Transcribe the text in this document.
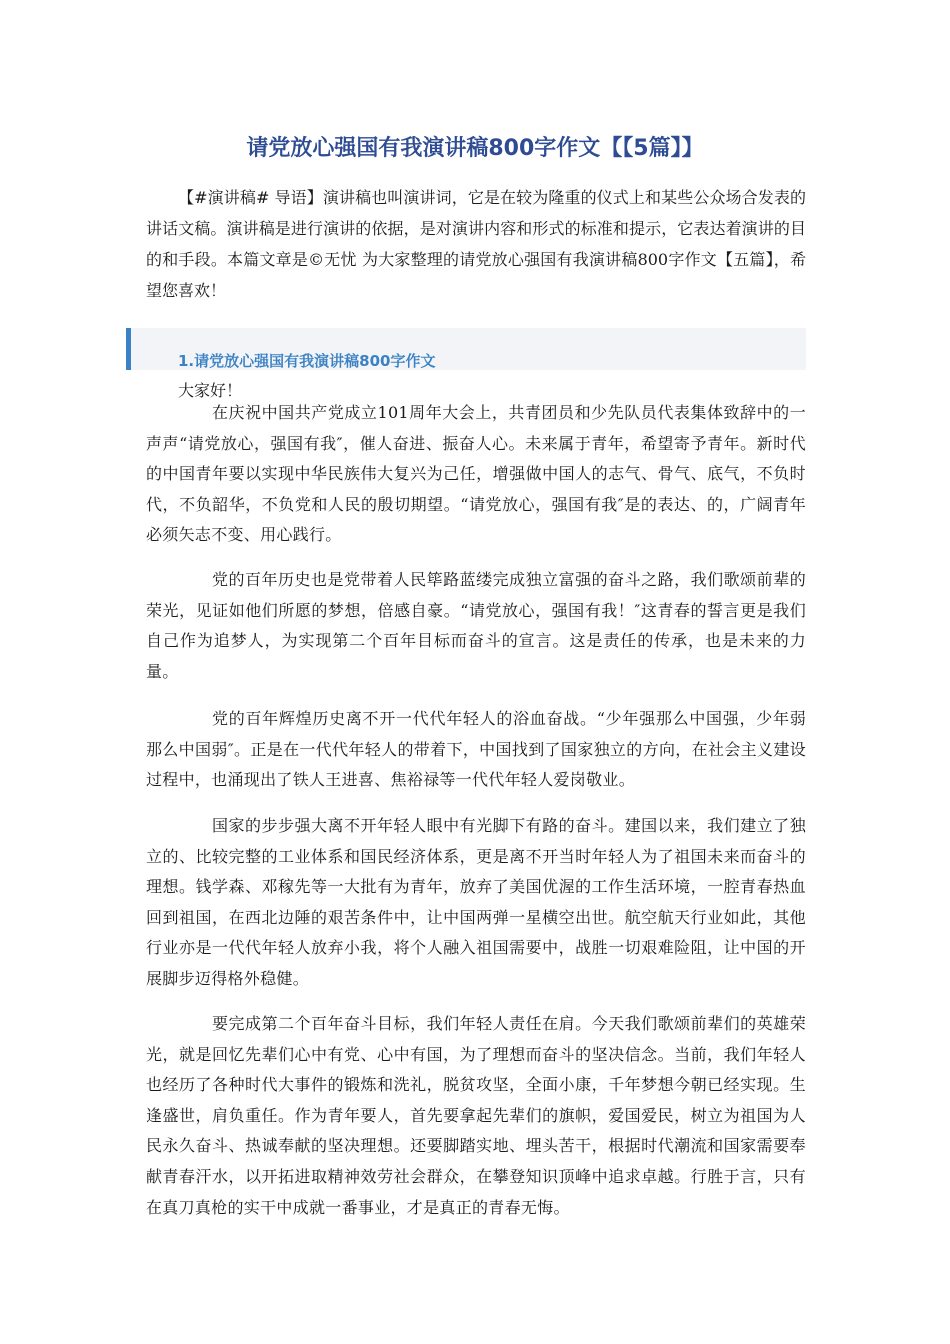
请党放心强国有我演讲稿800字作文【【5篇】】

【#演讲稿# 导语】演讲稿也叫演讲词，它是在较为隆重的仪式上和某些公众场合发表的讲话文稿。演讲稿是进行演讲的依据，是对演讲内容和形式的标准和提示，它表达着演讲的目的和手段。本篇文章是©无忧 为大家整理的请党放心强国有我演讲稿800字作文【五篇】，希望您喜欢！

1.请党放心强国有我演讲稿800字作文

大家好！

在庆祝中国共产党成立101周年大会上，共青团员和少先队员代表集体致辞中的一声声“请党放心，强国有我″，催人奋进、振奋人心。未来属于青年，希望寄予青年。新时代的中国青年要以实现中华民族伟大复兴为己任，增强做中国人的志气、骨气、底气，不负时代，不负韶华，不负党和人民的殷切期望。“请党放心，强国有我″是的表达、的，广阔青年必须矢志不变、用心践行。

党的百年历史也是党带着人民筚路蓝缕完成独立富强的奋斗之路，我们歌颂前辈的荣光，见证如他们所愿的梦想，倍感自豪。“请党放心，强国有我！″这青春的誓言更是我们自己作为追梦人，为实现第二个百年目标而奋斗的宣言。这是责任的传承，也是未来的力量。

党的百年辉煌历史离不开一代代年轻人的浴血奋战。“少年强那么中国强，少年弱那么中国弱″。正是在一代代年轻人的带着下，中国找到了国家独立的方向，在社会主义建设过程中，也涌现出了铁人王进喜、焦裕禄等一代代年轻人爱岗敬业。

国家的步步强大离不开年轻人眼中有光脚下有路的奋斗。建国以来，我们建立了独立的、比较完整的工业体系和国民经济体系，更是离不开当时年轻人为了祖国未来而奋斗的理想。钱学森、邓稼先等一大批有为青年，放弃了美国优渥的工作生活环境，一腔青春热血回到祖国，在西北边陲的艰苦条件中，让中国两弹一星横空出世。航空航天行业如此，其他行业亦是一代代年轻人放弃小我，将个人融入祖国需要中，战胜一切艰难险阻，让中国的开展脚步迈得格外稳健。

要完成第二个百年奋斗目标，我们年轻人责任在肩。今天我们歌颂前辈们的英雄荣光，就是回忆先辈们心中有党、心中有国，为了理想而奋斗的坚决信念。当前，我们年轻人也经历了各种时代大事件的锻炼和洗礼，脱贫攻坚，全面小康，千年梦想今朝已经实现。生逢盛世，肩负重任。作为青年要人，首先要拿起先辈们的旗帜，爱国爱民，树立为祖国为人民永久奋斗、热诚奉献的坚决理想。还要脚踏实地、埋头苦干，根据时代潮流和国家需要奉献青春汗水，以开拓进取精神效劳社会群众，在攀登知识顶峰中追求卓越。行胜于言，只有在真刀真枪的实干中成就一番事业，才是真正的青春无悔。
